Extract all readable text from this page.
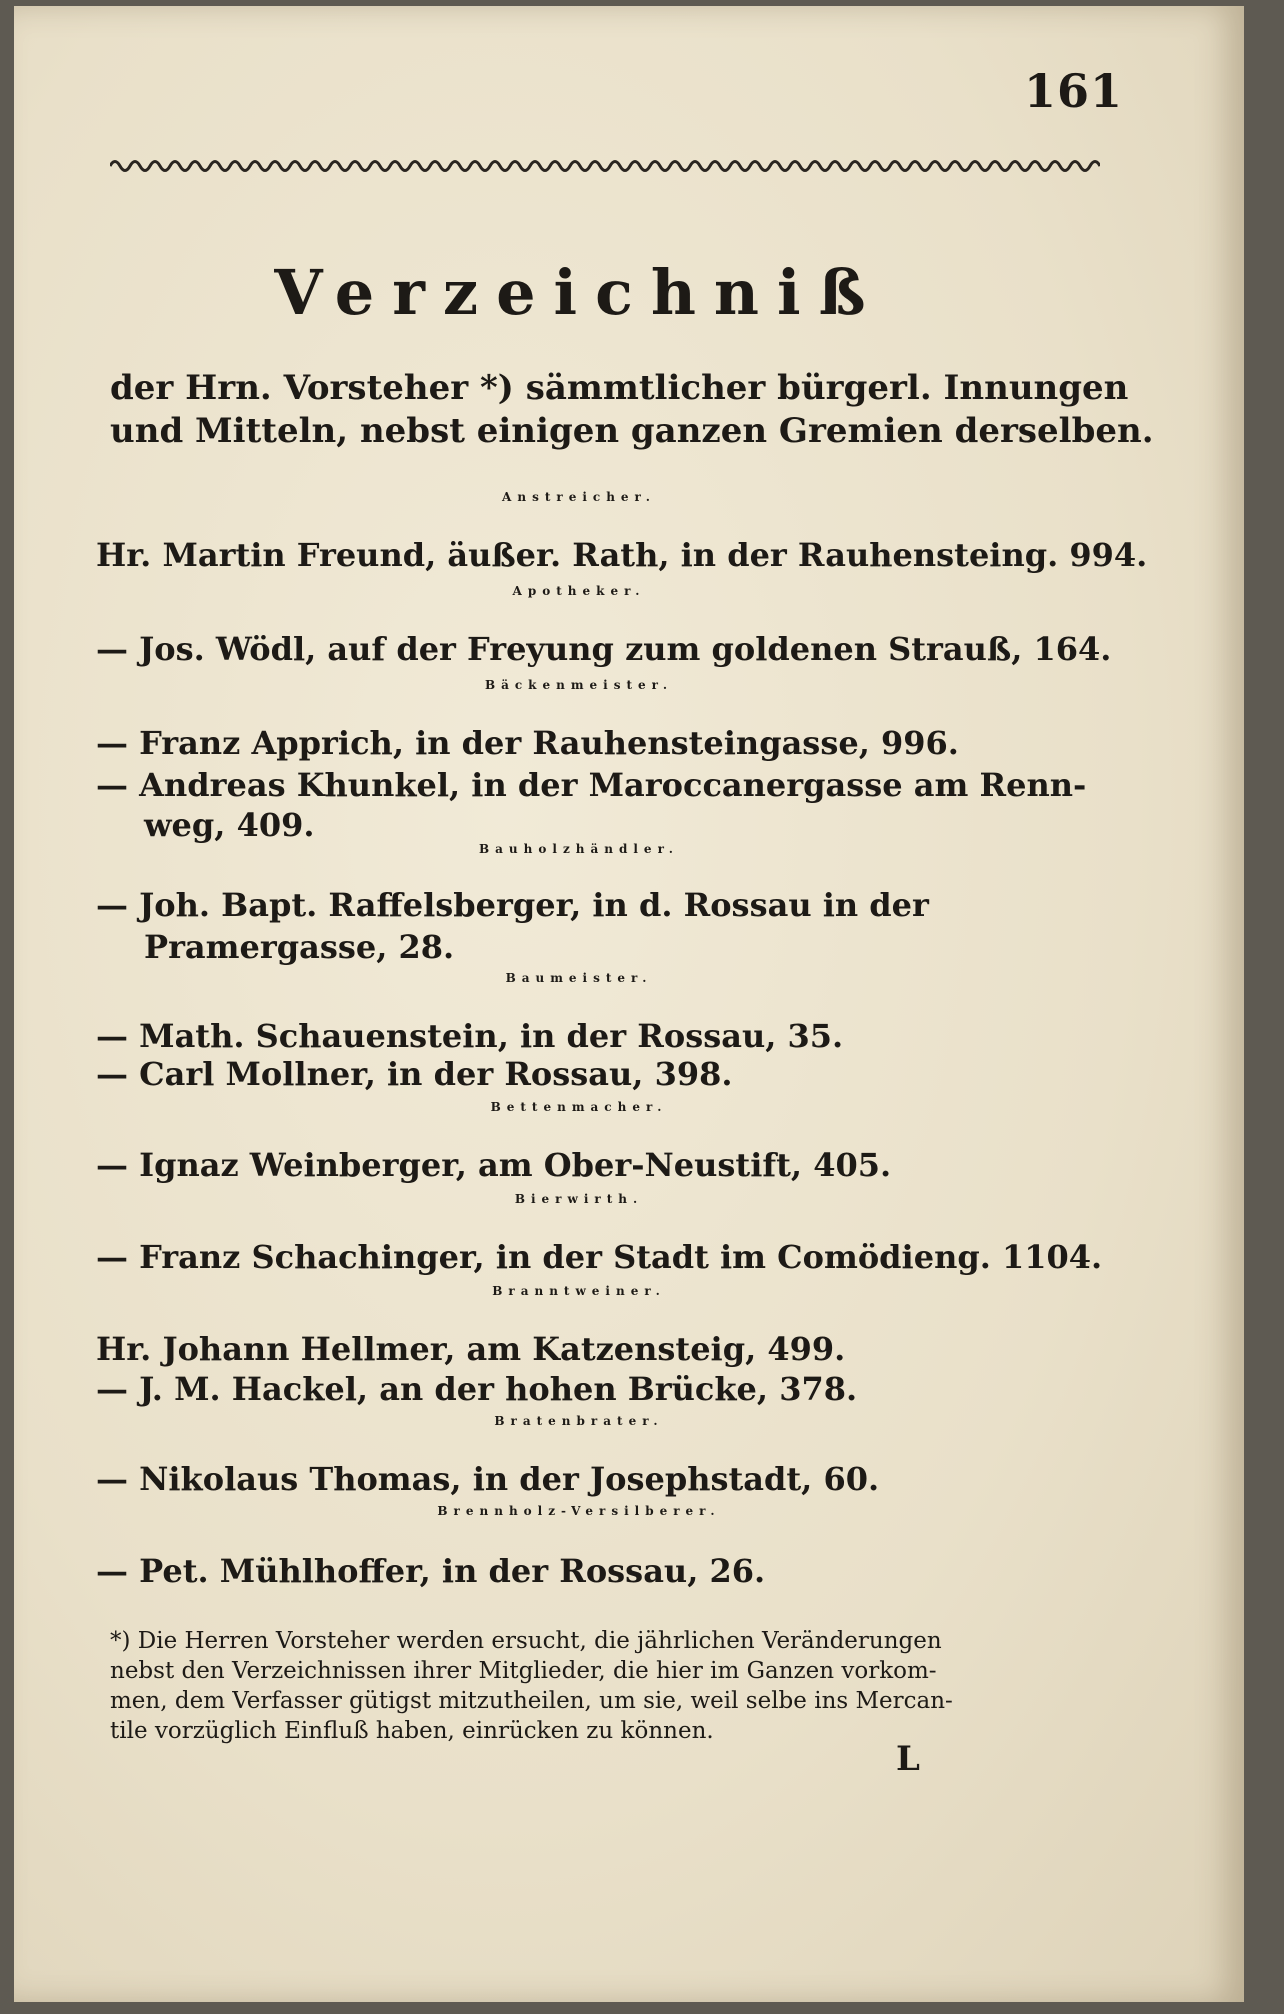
161
Verzeichniß
der Hrn. Vorsteher *) sämmtlicher bürgerl. Innungen
und Mitteln, nebst einigen ganzen Gremien derselben.
Anstreicher.
Hr. Martin Freund, äußer. Rath, in der Rauhensteing. 994.
Apotheker.
— Jos. Wödl, auf der Freyung zum goldenen Strauß, 164.
Bäckenmeister.
— Franz Apprich, in der Rauhensteingasse, 996.
— Andreas Khunkel, in der Maroccanergasse am Renn-
weg, 409.
Bauholzhändler.
— Joh. Bapt. Raffelsberger, in d. Rossau in der
Pramergasse, 28.
Baumeister.
— Math. Schauenstein, in der Rossau, 35.
— Carl Mollner, in der Rossau, 398.
Bettenmacher.
— Ignaz Weinberger, am Ober-Neustift, 405.
Bierwirth.
— Franz Schachinger, in der Stadt im Comödieng. 1104.
Branntweiner.
Hr. Johann Hellmer, am Katzensteig, 499.
— J. M. Hackel, an der hohen Brücke, 378.
Bratenbrater.
— Nikolaus Thomas, in der Josephstadt, 60.
Brennholz-Versilberer.
— Pet. Mühlhoffer, in der Rossau, 26.
*) Die Herren Vorsteher werden ersucht, die jährlichen Veränderungen
nebst den Verzeichnissen ihrer Mitglieder, die hier im Ganzen vorkom-
men, dem Verfasser gütigst mitzutheilen, um sie, weil selbe ins Mercan-
tile vorzüglich Einfluß haben, einrücken zu können.
L
